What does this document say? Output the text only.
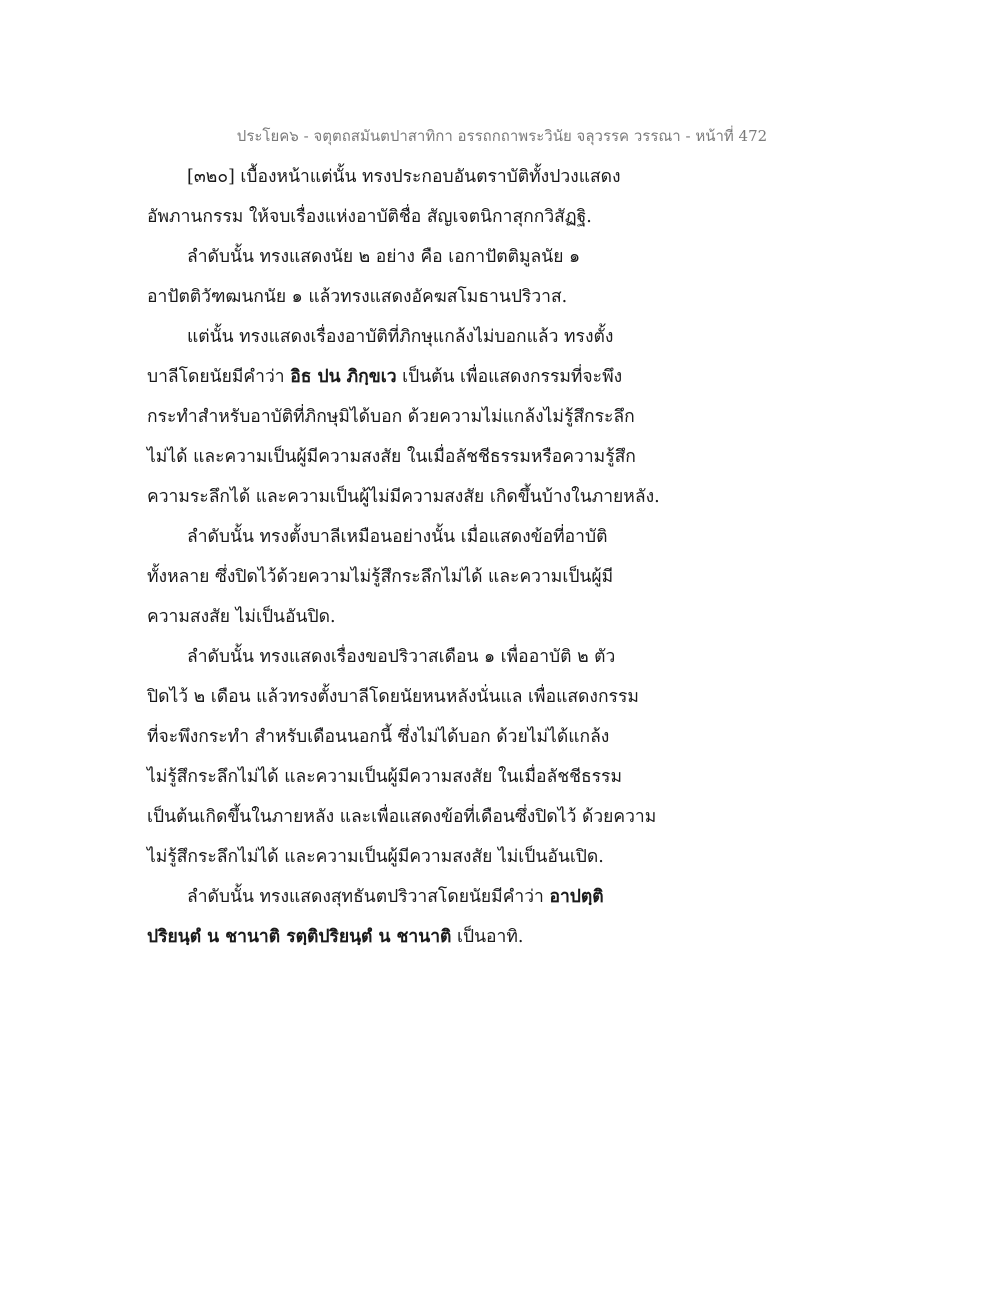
ประโยค๖ - จตุตถสมันตปาสาทิกา อรรถกถาพระวินัย จลุวรรค วรรณา - หน้าที่ 472
[๓๒๐] เบื้องหน้าแต่นั้น ทรงประกอบอันตราบัติทั้งปวงแสดง
อัพภานกรรม ให้จบเรื่องแห่งอาบัติชื่อ สัญเจตนิกาสุกกวิสัฏฐิ.
ลำดับนั้น ทรงแสดงนัย ๒ อย่าง คือ เอกาปัตติมูลนัย ๑
อาปัตติวัฑฒนกนัย ๑ แล้วทรงแสดงอัคฆสโมธานปริวาส.
แต่นั้น ทรงแสดงเรื่องอาบัติที่ภิกษุแกล้งไม่บอกแล้ว ทรงตั้ง
บาลีโดยนัยมีคำว่า อิธ ปน ภิกฺขเว เป็นต้น เพื่อแสดงกรรมที่จะพึง
กระทำสำหรับอาบัติที่ภิกษุมิได้บอก ด้วยความไม่แกล้งไม่รู้สึกระลึก
ไม่ได้ และความเป็นผู้มีความสงสัย ในเมื่อลัชชีธรรมหรือความรู้สึก
ความระลึกได้ และความเป็นผู้ไม่มีความสงสัย เกิดขึ้นบ้างในภายหลัง.
ลำดับนั้น ทรงตั้งบาลีเหมือนอย่างนั้น เมื่อแสดงข้อที่อาบัติ
ทั้งหลาย ซึ่งปิดไว้ด้วยความไม่รู้สึกระลึกไม่ได้ และความเป็นผู้มี
ความสงสัย ไม่เป็นอันปิด.
ลำดับนั้น ทรงแสดงเรื่องขอปริวาสเดือน ๑ เพื่ออาบัติ ๒ ตัว
ปิดไว้ ๒ เดือน แล้วทรงตั้งบาลีโดยนัยหนหลังนั่นแล เพื่อแสดงกรรม
ที่จะพึงกระทำ สำหรับเดือนนอกนี้ ซึ่งไม่ได้บอก ด้วยไม่ได้แกล้ง
ไม่รู้สึกระลึกไม่ได้ และความเป็นผู้มีความสงสัย ในเมื่อลัชชีธรรม
เป็นต้นเกิดขึ้นในภายหลัง และเพื่อแสดงข้อที่เดือนซึ่งปิดไว้ ด้วยความ
ไม่รู้สึกระลึกไม่ได้ และความเป็นผู้มีความสงสัย ไม่เป็นอันเปิด.
ลำดับนั้น ทรงแสดงสุทธันตปริวาสโดยนัยมีคำว่า อาปตฺติ
ปริยนฺตํ น ชานาติ รตฺติปริยนฺตํ น ชานาติ เป็นอาทิ.
